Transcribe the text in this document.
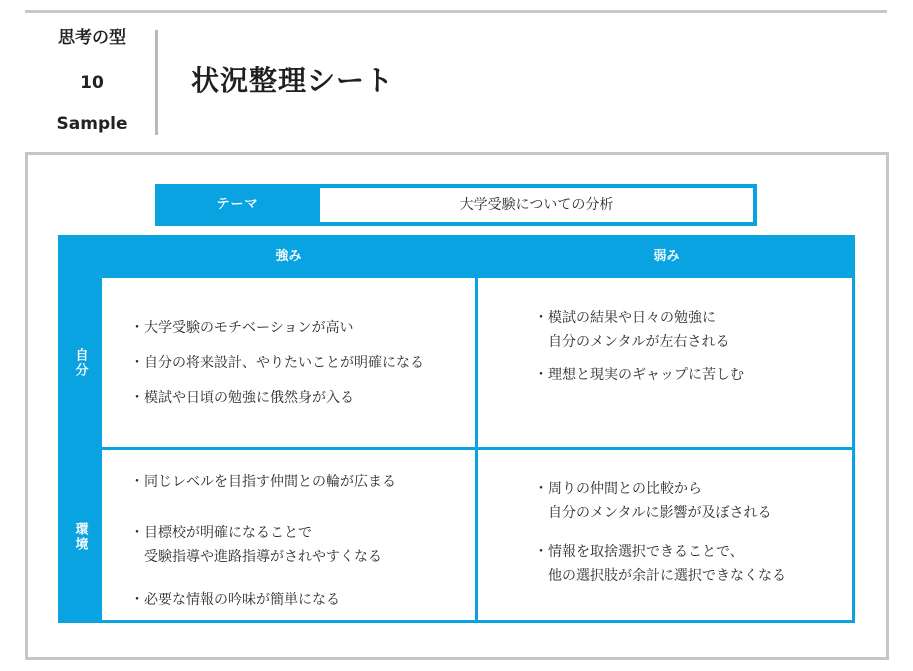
思考の型
10
Sample
状況整理シート
テーマ	大学受験についての分析
強み	弱み
自分
環境
・大学受験のモチベーションが高い
・自分の将来設計、やりたいことが明確になる
・模試や日頃の勉強に俄然身が入る
・模試の結果や日々の勉強に
自分のメンタルが左右される
・理想と現実のギャップに苦しむ
・同じレベルを目指す仲間との輪が広まる
・目標校が明確になることで
受験指導や進路指導がされやすくなる
・必要な情報の吟味が簡単になる
・周りの仲間との比較から
自分のメンタルに影響が及ぼされる
・情報を取捨選択できることで、
他の選択肢が余計に選択できなくなる
